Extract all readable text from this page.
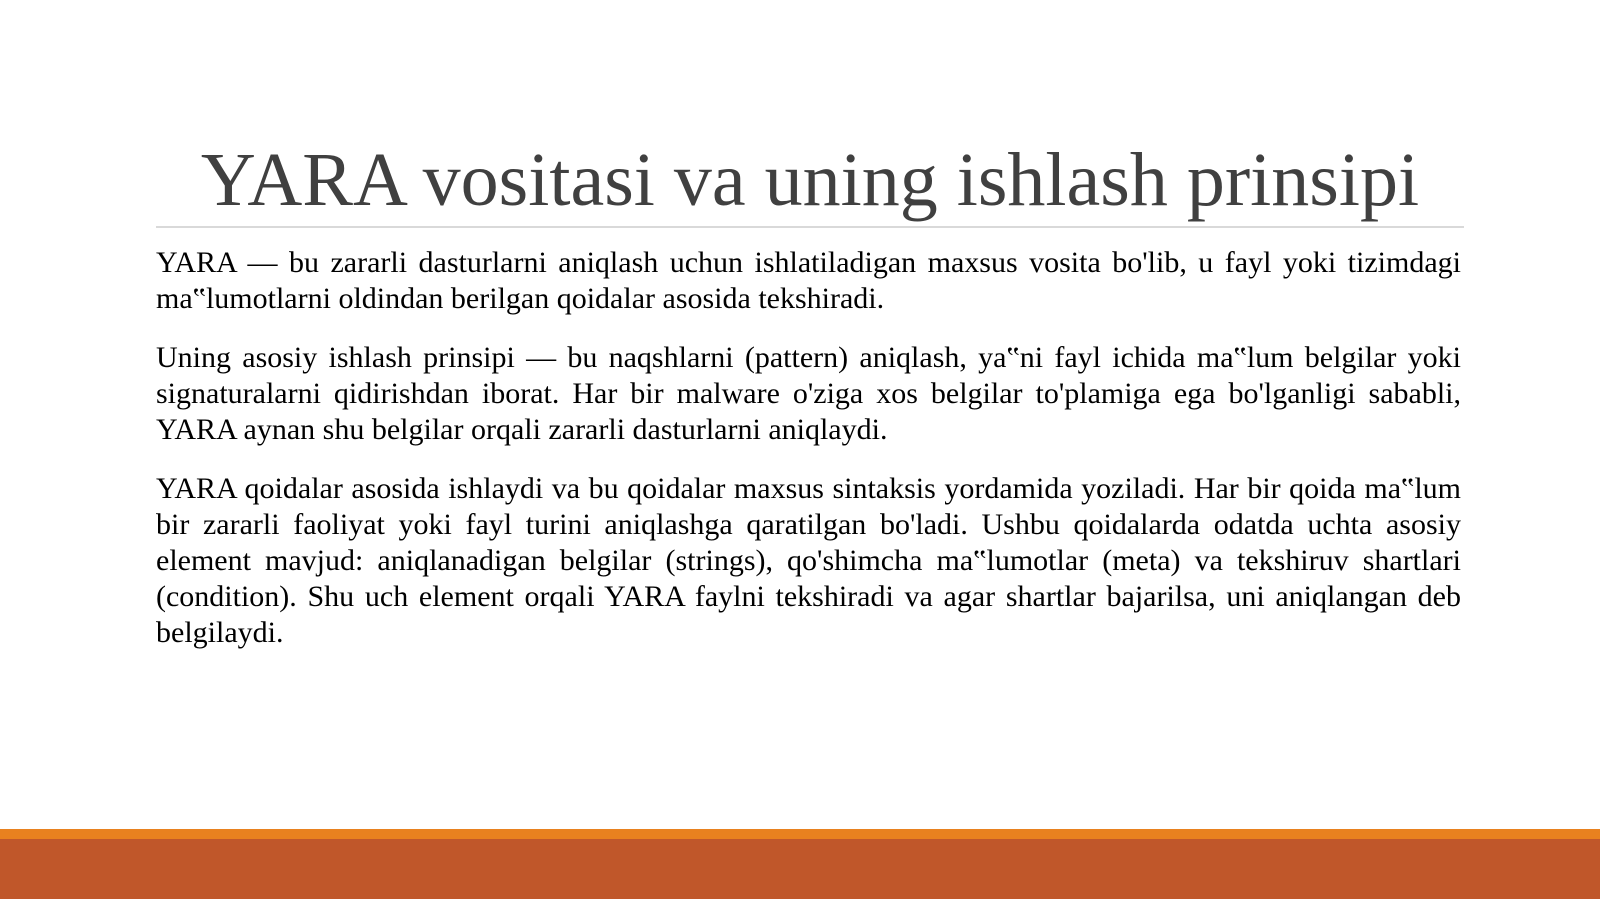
YARA vositasi va uning ishlash prinsipi

YARA — bu zararli dasturlarni aniqlash uchun ishlatiladigan maxsus vosita bo'lib, u fayl yoki tizimdagi ma‟lumotlarni oldindan berilgan qoidalar asosida tekshiradi.

Uning asosiy ishlash prinsipi — bu naqshlarni (pattern) aniqlash, ya‟ni fayl ichida ma‟lum belgilar yoki signaturalarni qidirishdan iborat. Har bir malware o'ziga xos belgilar to'plamiga ega bo'lganligi sababli, YARA aynan shu belgilar orqali zararli dasturlarni aniqlaydi.

YARA qoidalar asosida ishlaydi va bu qoidalar maxsus sintaksis yordamida yoziladi. Har bir qoida ma‟lum bir zararli faoliyat yoki fayl turini aniqlashga qaratilgan bo'ladi. Ushbu qoidalarda odatda uchta asosiy element mavjud: aniqlanadigan belgilar (strings), qo'shimcha ma‟lumotlar (meta) va tekshiruv shartlari (condition). Shu uch element orqali YARA faylni tekshiradi va agar shartlar bajarilsa, uni aniqlangan deb belgilaydi.
